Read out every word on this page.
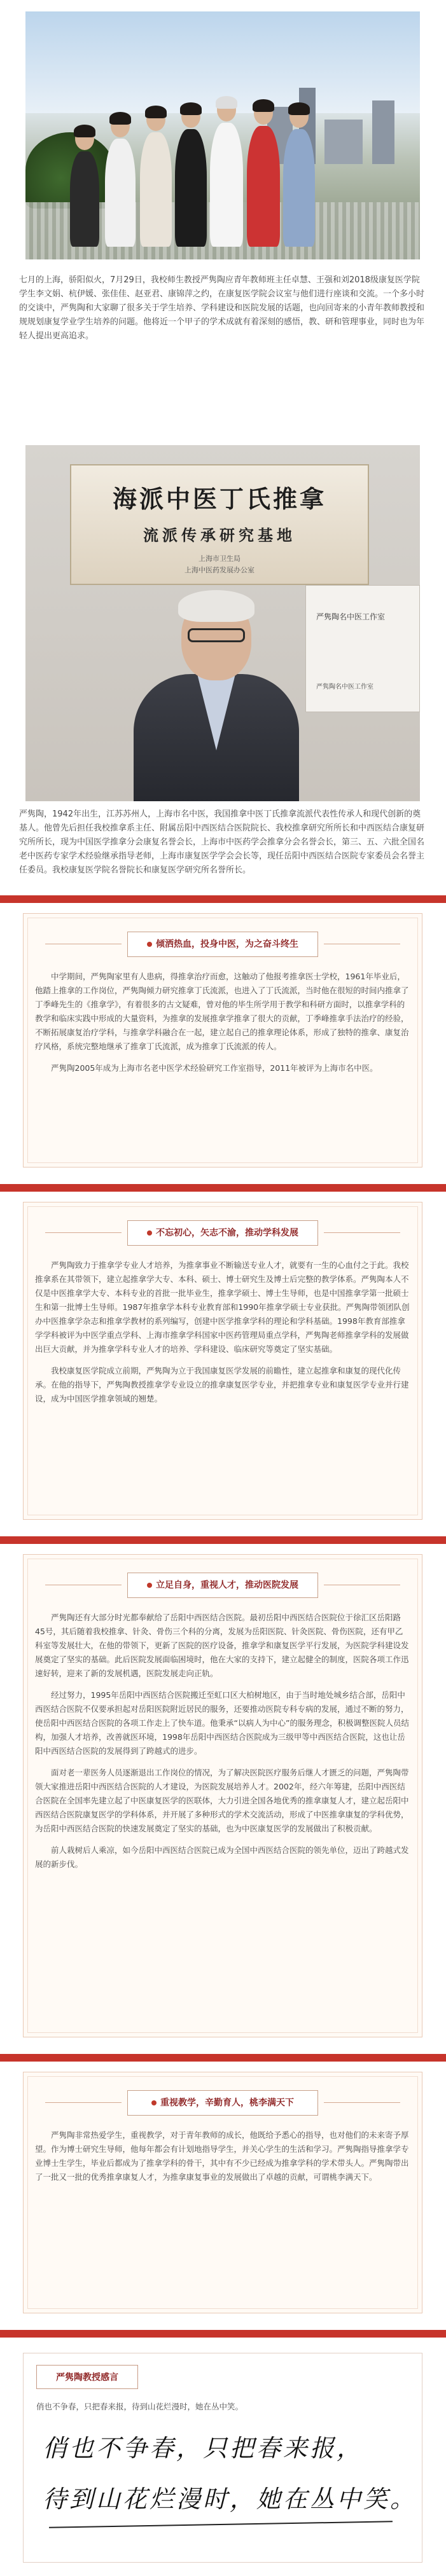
七月的上海，骄阳似火，7月29日，我校师生教授严隽陶应青年教师班主任卓慧、王强和刘2018级康复医学院学生李文娟、杭伊媛、张佳佳、赵亚君、康锦萍之约，在康复医学院会议室与他们进行座谈和交流。一个多小时的交谈中，严隽陶和大家聊了很多关于学生培养、学科建设和医院发展的话题，也向回寄来的小青年教师教授和规规划康复学业学生培养的问题。他将近一个甲子的学术成就有着深刻的感悟，教、研和管理事业，同时也为年轻人提出更高追求。

海派中医丁氏推拿
流派传承研究基地
上海市卫生局
上海中医药发展办公室
严隽陶名中医工作室
严隽陶名中医工作室

严隽陶，1942年出生，江苏苏州人，上海市名中医，我国推拿中医丁氏推拿流派代表性传承人和现代创新的奠基人。他曾先后担任我校推拿系主任、附属岳阳中西医结合医院院长、我校推拿研究所所长和中西医结合康复研究所所长，现为中国医学推拿分会康复名誉会长，上海市中医药学会推拿分会名誉会长，第三、五、六批全国名老中医药专家学术经验继承指导老师，上海市康复医学学会会长等，现任岳阳中西医结合医院专家委员会名誉主任委员。我校康复医学院名誉院长和康复医学研究所名誉所长。

倾洒热血，投身中医，为之奋斗终生

中学期间，严隽陶家里有人患病，得推拿治疗而愈，这触动了他报考推拿医士学校，1961年毕业后，他踏上推拿的工作岗位，严隽陶倾力研究推拿丁氏流派，也进入了丁氏流派，当时他在很短的时间内推拿了丁季峰先生的《推拿学》，有着很多的古文疑难，曾对他的毕生所学用于教学和科研方面时，以推拿学科的教学和临床实践中形成的大量资料，为推拿的发展推拿学推拿了很大的贡献，丁季峰推拿手法治疗的经验，不断拓展康复治疗学科，与推拿学科融合在一起，建立起自己的推拿理论体系，形成了独特的推拿、康复治疗风格，系统完整地继承了推拿丁氏流派，成为推拿丁氏流派的传人。

严隽陶2005年成为上海市名老中医学术经验研究工作室指导，2011年被评为上海市名中医。

不忘初心，矢志不渝，推动学科发展

严隽陶致力于推拿学专业人才培养，为推拿事业不断输送专业人才，就要有一生的心血付之于此。我校推拿系在其带领下，建立起推拿学大专、本科、硕士、博士研究生及博士后完整的教学体系。严隽陶本人不仅是中医推拿学大专、本科专业的首批一批毕业生，推拿学硕士、博士生导师，也是中国推拿学第一批硕士生和第一批博士生导师。1987年推拿学本科专业教育部和1990年推拿学硕士专业获批。严隽陶带领团队创办中医推拿学杂志和推拿学教材的系列编写，创建中医学推拿学科的理论和学科基础。1998年教育部推拿学学科被评为中医学重点学科、上海市推拿学科国家中医药管理局重点学科，严隽陶老师推拿学科的发展做出巨大贡献，并为推拿学科专业人才的培养、学科建设、临床研究等奠定了坚实基础。

我校康复医学院成立前期，严隽陶为立于我国康复医学发展的前瞻性，建立起推拿和康复的现代化传承。在他的指导下，严隽陶教授推拿学专业设立的推拿康复医学专业，并把推拿专业和康复医学专业并行建设，成为中国医学推拿领域的翘楚。

立足自身，重视人才，推动医院发展

严隽陶还有大部分时光都奉献给了岳阳中西医结合医院。最初岳阳中西医结合医院位于徐汇区岳阳路45号，其后随着我校推拿、针灸、骨伤三个科的分离，发展为岳阳医院、针灸医院、骨伤医院，还有甲乙科室等发展壮大，在他的带领下，更新了医院的医疗设备，推拿学和康复医学平行发展，为医院学科建设发展奠定了坚实的基础。此后医院发展面临困境时，他在大家的支持下，建立起健全的制度，医院各项工作迅速好转，迎来了新的发展机遇，医院发展走向正轨。

经过努力，1995年岳阳中西医结合医院搬迁至虹口区大柏树地区，由于当时地处城乡结合部，岳阳中西医结合医院不仅要承担起对岳阳医院附近居民的服务，还要推动医院专科专病的发展，通过不断的努力，使岳阳中西医结合医院的各项工作走上了快车道。他秉承“以病人为中心”的服务理念，积极调整医院人员结构，加强人才培养，改善就医环境，1998年岳阳中西医结合医院成为三级甲等中西医结合医院，这也让岳阳中西医结合医院的发展得到了跨越式的进步。

面对老一辈医务人员逐渐退出工作岗位的情况，为了解决医院医疗服务后继人才匮乏的问题，严隽陶带领大家推进岳阳中西医结合医院的人才建设，为医院发展培养人才。2002年，经六年筹建，岳阳中西医结合医院在全国率先建立起了中医康复医学的医联体，大力引进全国各地优秀的推拿康复人才，建立起岳阳中西医结合医院康复医学的学科体系，并开展了多种形式的学术交流活动，形成了中医推拿康复的学科优势，为岳阳中西医结合医院的快速发展奠定了坚实的基础，也为中医康复医学的发展做出了积极贡献。

前人栽树后人乘凉，如今岳阳中西医结合医院已成为全国中西医结合医院的领先单位，迈出了跨越式发展的新步伐。

重视教学，辛勤育人，桃李满天下

严隽陶非常热爱学生，重视教学，对于青年教师的成长，他既给予悉心的指导，也对他们的未来寄予厚望。作为博士研究生导师，他每年都会有计划地指导学生，并关心学生的生活和学习。严隽陶指导推拿学专业博士生学生，毕业后都成为了推拿学科的骨干，其中有不少已经成为推拿学科的学术带头人。严隽陶带出了一批又一批的优秀推拿康复人才，为推拿康复事业的发展做出了卓越的贡献，可谓桃李满天下。

严隽陶教授感言
俏也不争春，只把春来报，待到山花烂漫时，她在丛中笑。
俏也不争春，只把春来报，
待到山花烂漫时，她在丛中笑。
